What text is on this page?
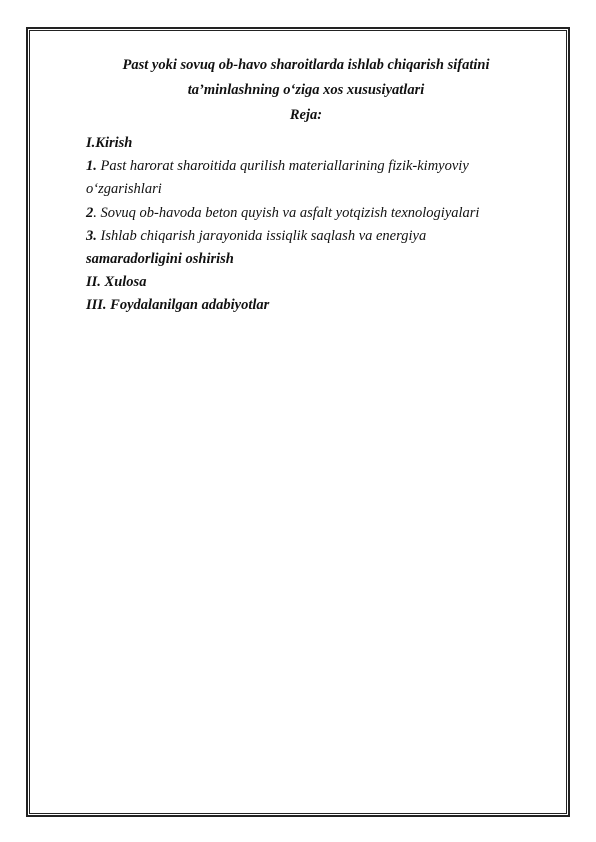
Past yoki sovuq ob-havo sharoitlarda ishlab chiqarish sifatini
ta’minlashning o‘ziga xos xususiyatlari

Reja:

I.Kirish
1. Past harorat sharoitida qurilish materiallarining fizik-kimyoviy
o‘zgarishlari
2. Sovuq ob-havoda beton quyish va asfalt yotqizish texnologiyalari
3. Ishlab chiqarish jarayonida issiqlik saqlash va energiya
samaradorligini oshirish
II. Xulosa
III. Foydalanilgan adabiyotlar
